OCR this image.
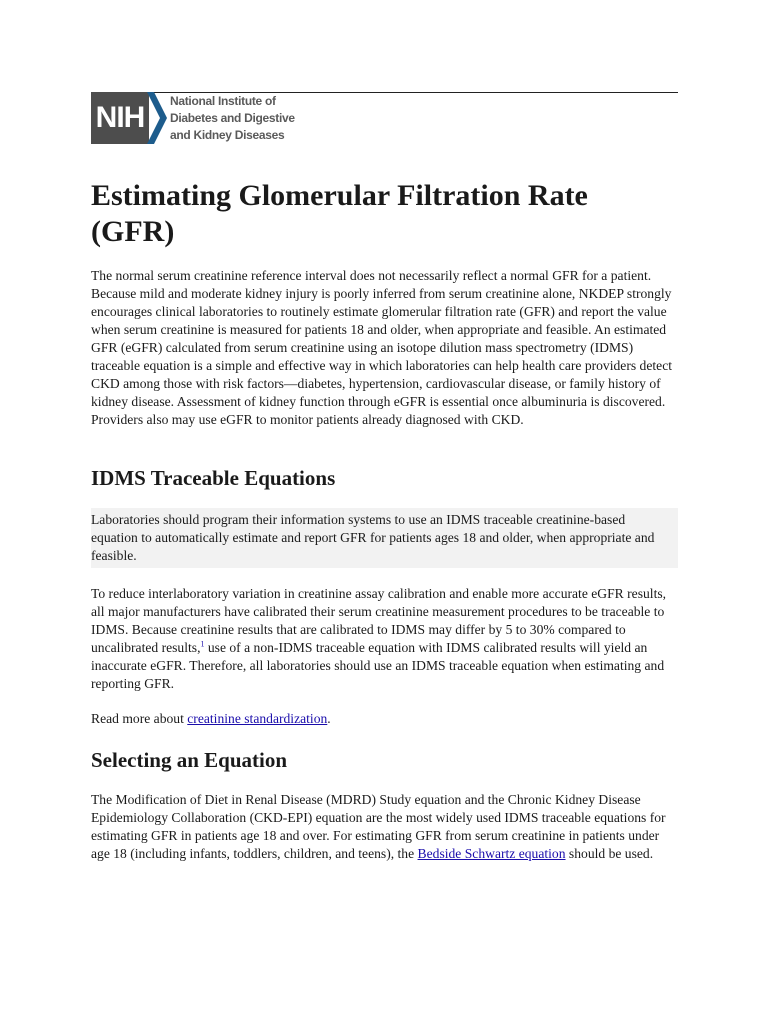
NIH	National Institute of
Diabetes and Digestive
and Kidney Diseases
Estimating Glomerular Filtration Rate (GFR)

The normal serum creatinine reference interval does not necessarily reflect a normal GFR for a patient. Because mild and moderate kidney injury is poorly inferred from serum creatinine alone, NKDEP strongly encourages clinical laboratories to routinely estimate glomerular filtration rate (GFR) and report the value when serum creatinine is measured for patients 18 and older, when appropriate and feasible. An estimated GFR (eGFR) calculated from serum creatinine using an isotope dilution mass spectrometry (IDMS) traceable equation is a simple and effective way in which laboratories can help health care providers detect CKD among those with risk factors—diabetes, hypertension, cardiovascular disease, or family history of kidney disease. Assessment of kidney function through eGFR is essential once albuminuria is discovered. Providers also may use eGFR to monitor patients already diagnosed with CKD.

IDMS Traceable Equations

Laboratories should program their information systems to use an IDMS traceable creatinine-based equation to automatically estimate and report GFR for patients ages 18 and older, when appropriate and feasible.

To reduce interlaboratory variation in creatinine assay calibration and enable more accurate eGFR results, all major manufacturers have calibrated their serum creatinine measurement procedures to be traceable to IDMS. Because creatinine results that are calibrated to IDMS may differ by 5 to 30% compared to uncalibrated results,$^1$ use of a non-IDMS traceable equation with IDMS calibrated results will yield an inaccurate eGFR. Therefore, all laboratories should use an IDMS traceable equation when estimating and reporting GFR.

Read more about creatinine standardization.

Selecting an Equation

The Modification of Diet in Renal Disease (MDRD) Study equation and the Chronic Kidney Disease Epidemiology Collaboration (CKD-EPI) equation are the most widely used IDMS traceable equations for estimating GFR in patients age 18 and over. For estimating GFR from serum creatinine in patients under age 18 (including infants, toddlers, children, and teens), the Bedside Schwartz equation should be used.
